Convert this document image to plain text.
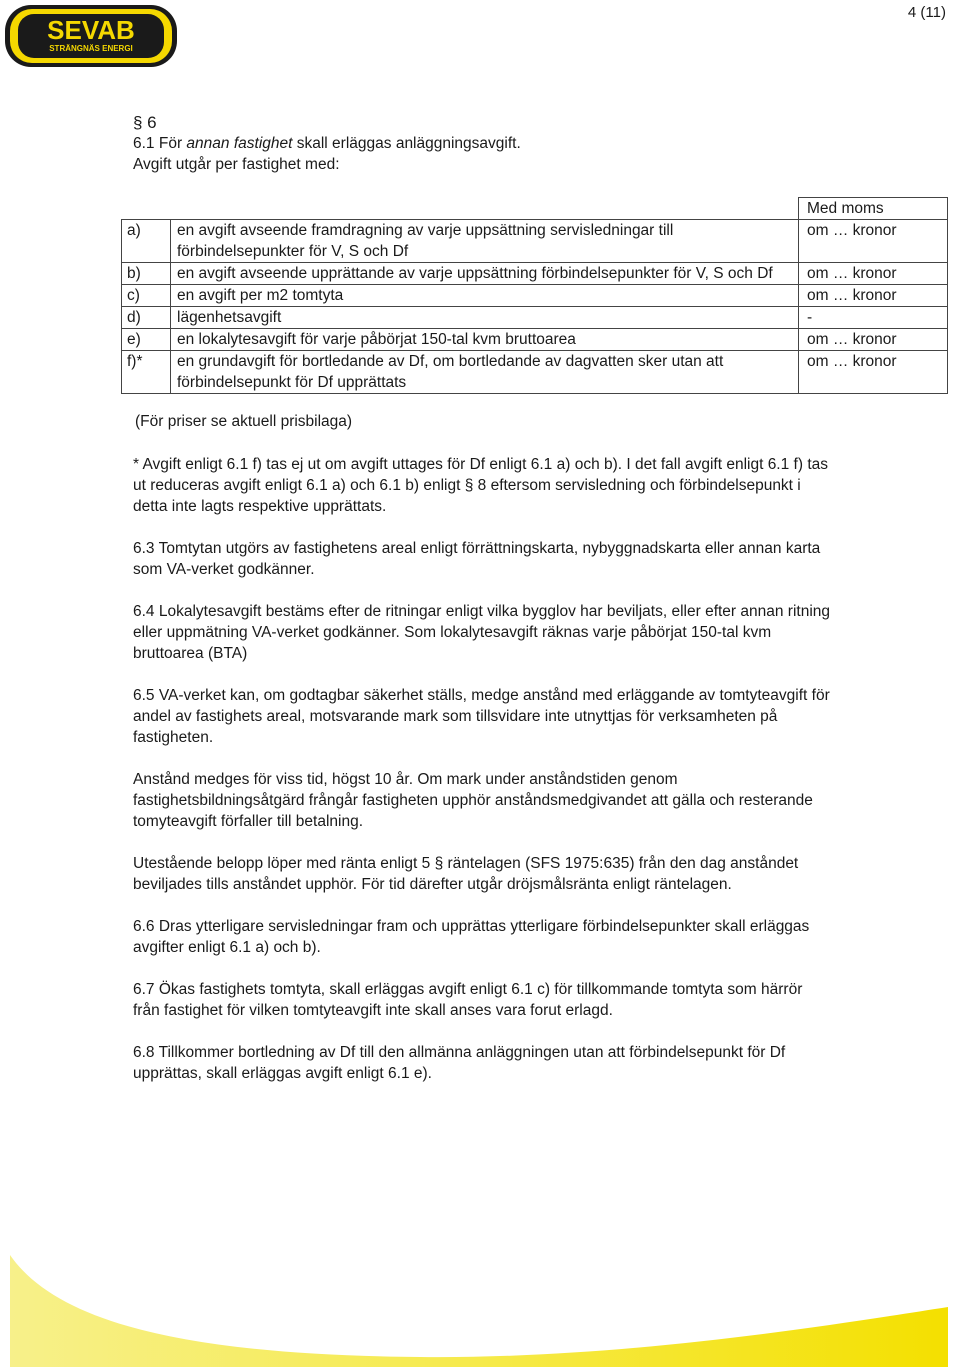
SEVAB
STRÄNGNÄS ENERGI
4 (11)

§ 6

6.1 För annan fastighet skall erläggas anläggningsavgift.

Avgift utgår per fastighet med:

		Med moms
a)	en avgift avseende framdragning av varje uppsättning servisledningar till förbindelsepunkter för V, S och Df	om … kronor
b)	en avgift avseende upprättande av varje uppsättning förbindelsepunkter för V, S och Df	om … kronor
c)	en avgift per m2 tomtyta	om … kronor
d)	lägenhetsavgift	-
e)	en lokalytesavgift för varje påbörjat 150-tal kvm bruttoarea	om … kronor
f)*	en grundavgift för bortledande av Df, om bortledande av dagvatten sker utan att förbindelsepunkt för Df upprättats	om … kronor
(För priser se aktuell prisbilaga)

* Avgift enligt 6.1 f) tas ej ut om avgift uttages för Df enligt 6.1 a) och b). I det fall avgift enligt 6.1 f) tas ut reduceras avgift enligt 6.1 a) och 6.1 b) enligt § 8 eftersom servisledning och förbindelsepunkt i detta inte lagts respektive upprättats.

6.3 Tomtytan utgörs av fastighetens areal enligt förrättningskarta, nybyggnadskarta eller annan karta som VA-verket godkänner.

6.4 Lokalytesavgift bestäms efter de ritningar enligt vilka bygglov har beviljats, eller efter annan ritning eller uppmätning VA-verket godkänner. Som lokalytesavgift räknas varje påbörjat 150-tal kvm bruttoarea (BTA)

6.5 VA-verket kan, om godtagbar säkerhet ställs, medge anstånd med erläggande av tomtyteavgift för andel av fastighets areal, motsvarande mark som tillsvidare inte utnyttjas för verksamheten på fastigheten.

Anstånd medges för viss tid, högst 10 år. Om mark under anståndstiden genom fastighetsbildningsåtgärd frångår fastigheten upphör anståndsmedgivandet att gälla och resterande tomyteavgift förfaller till betalning.

Utestående belopp löper med ränta enligt 5 § räntelagen (SFS 1975:635) från den dag anståndet beviljades tills anståndet upphör. För tid därefter utgår dröjsmålsränta enligt räntelagen.

6.6 Dras ytterligare servisledningar fram och upprättas ytterligare förbindelsepunkter skall erläggas avgifter enligt 6.1 a) och b).

6.7 Ökas fastighets tomtyta, skall erläggas avgift enligt 6.1 c) för tillkommande tomtyta som härrör från fastighet för vilken tomtyteavgift inte skall anses vara forut erlagd.

6.8 Tillkommer bortledning av Df till den allmänna anläggningen utan att förbindelsepunkt för Df upprättas, skall erläggas avgift enligt 6.1 e).
